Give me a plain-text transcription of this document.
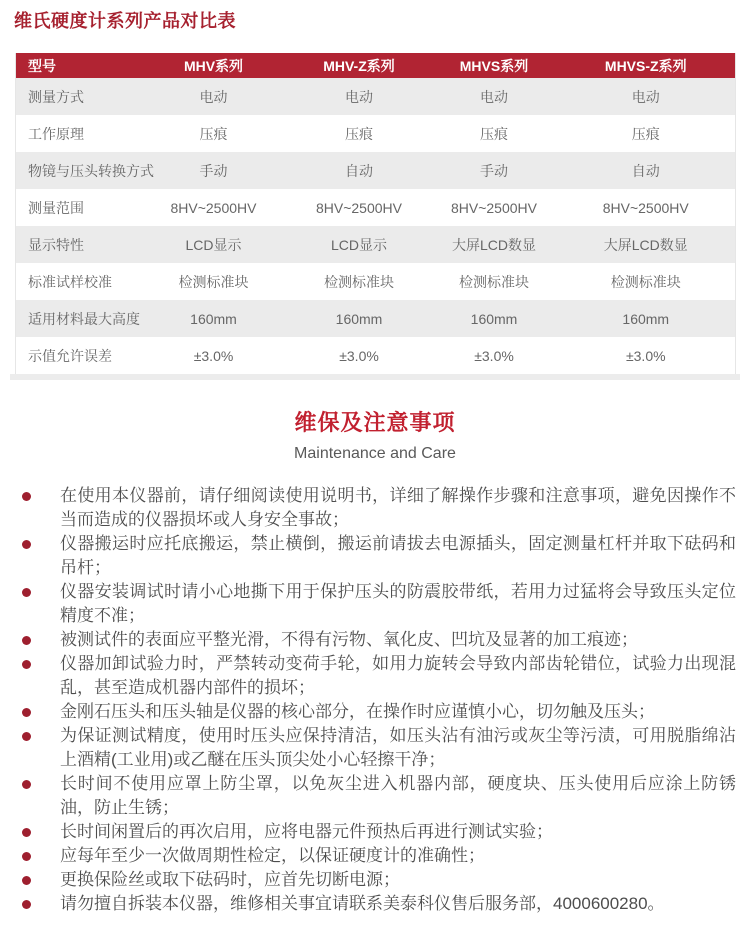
维氏硬度计系列产品对比表
型号	MHV系列	MHV-Z系列	MHVS系列	MHVS-Z系列
测量方式	电动	电动	电动	电动
工作原理	压痕	压痕	压痕	压痕
物镜与压头转换方式	手动	自动	手动	自动
测量范围	8HV~2500HV	8HV~2500HV	8HV~2500HV	8HV~2500HV
显示特性	LCD显示	LCD显示	大屏LCD数显	大屏LCD数显
标准试样校准	检测标准块	检测标准块	检测标准块	检测标准块
适用材料最大高度	160mm	160mm	160mm	160mm
示值允许误差	±3.0%	±3.0%	±3.0%	±3.0%
维保及注意事项
Maintenance and Care
在使用本仪器前，请仔细阅读使用说明书，详细了解操作步骤和注意事项，避免因操作不当而造成的仪器损坏或人身安全事故；
仪器搬运时应托底搬运，禁止横倒，搬运前请拔去电源插头，固定测量杠杆并取下砝码和吊杆；
仪器安装调试时请小心地撕下用于保护压头的防震胶带纸，若用力过猛将会导致压头定位精度不准；
被测试件的表面应平整光滑，不得有污物、氧化皮、凹坑及显著的加工痕迹；
仪器加卸试验力时，严禁转动变荷手轮，如用力旋转会导致内部齿轮错位，试验力出现混乱，甚至造成机器内部件的损坏；
金刚石压头和压头轴是仪器的核心部分，在操作时应谨慎小心，切勿触及压头；
为保证测试精度，使用时压头应保持清洁，如压头沾有油污或灰尘等污渍，可用脱脂绵沾上酒精(工业用)或乙醚在压头顶尖处小心轻擦干净；
长时间不使用应罩上防尘罩，以免灰尘进入机器内部，硬度块、压头使用后应涂上防锈油，防止生锈；
长时间闲置后的再次启用，应将电器元件预热后再进行测试实验；
应每年至少一次做周期性检定，以保证硬度计的准确性；
更换保险丝或取下砝码时，应首先切断电源；
请勿擅自拆装本仪器，维修相关事宜请联系美泰科仪售后服务部，4000600280。
